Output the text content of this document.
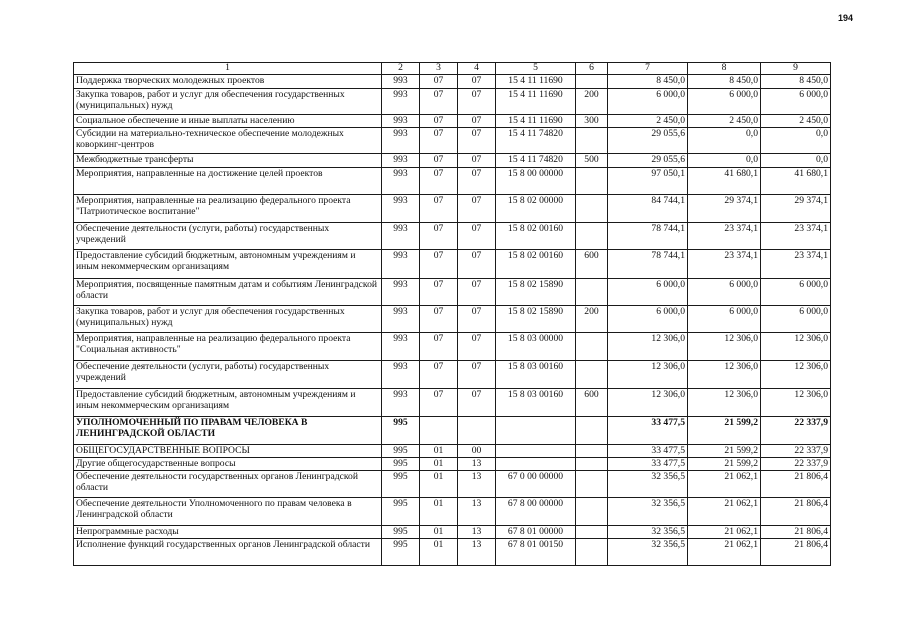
194
1	2	3	4	5	6	7	8	9
Поддержка творческих молодежных проектов	993	07	07	15 4 11 11690		8 450,0	8 450,0	8 450,0
Закупка товаров, работ и услуг для обеспечения государственных (муниципальных) нужд	993	07	07	15 4 11 11690	200	6 000,0	6 000,0	6 000,0
Социальное обеспечение и иные выплаты населению	993	07	07	15 4 11 11690	300	2 450,0	2 450,0	2 450,0
Субсидии на материально-техническое обеспечение молодежных коворкинг-центров	993	07	07	15 4 11 74820		29 055,6	0,0	0,0
Межбюджетные трансферты	993	07	07	15 4 11 74820	500	29 055,6	0,0	0,0
Мероприятия, направленные на достижение целей проектов	993	07	07	15 8 00 00000		97 050,1	41 680,1	41 680,1
Мероприятия, направленные на реализацию федерального проекта "Патриотическое воспитание"	993	07	07	15 8 02 00000		84 744,1	29 374,1	29 374,1
Обеспечение деятельности (услуги, работы) государственных учреждений	993	07	07	15 8 02 00160		78 744,1	23 374,1	23 374,1
Предоставление субсидий бюджетным, автономным учреждениям и иным некоммерческим организациям	993	07	07	15 8 02 00160	600	78 744,1	23 374,1	23 374,1
Мероприятия, посвященные памятным датам и событиям Ленинградской области	993	07	07	15 8 02 15890		6 000,0	6 000,0	6 000,0
Закупка товаров, работ и услуг для обеспечения государственных (муниципальных) нужд	993	07	07	15 8 02 15890	200	6 000,0	6 000,0	6 000,0
Мероприятия, направленные на реализацию федерального проекта "Социальная активность"	993	07	07	15 8 03 00000		12 306,0	12 306,0	12 306,0
Обеспечение деятельности (услуги, работы) государственных учреждений	993	07	07	15 8 03 00160		12 306,0	12 306,0	12 306,0
Предоставление субсидий бюджетным, автономным учреждениям и иным некоммерческим организациям	993	07	07	15 8 03 00160	600	12 306,0	12 306,0	12 306,0
УПОЛНОМОЧЕННЫЙ ПО ПРАВАМ ЧЕЛОВЕКА В ЛЕНИНГРАДСКОЙ ОБЛАСТИ	995					33 477,5	21 599,2	22 337,9
ОБЩЕГОСУДАРСТВЕННЫЕ ВОПРОСЫ	995	01	00			33 477,5	21 599,2	22 337,9
Другие общегосударственные вопросы	995	01	13			33 477,5	21 599,2	22 337,9
Обеспечение деятельности государственных органов Ленинградской области	995	01	13	67 0 00 00000		32 356,5	21 062,1	21 806,4
Обеспечение деятельности Уполномоченного по правам человека в Ленинградской области	995	01	13	67 8 00 00000		32 356,5	21 062,1	21 806,4
Непрограммные расходы	995	01	13	67 8 01 00000		32 356,5	21 062,1	21 806,4
Исполнение функций государственных органов Ленинградской области	995	01	13	67 8 01 00150		32 356,5	21 062,1	21 806,4
